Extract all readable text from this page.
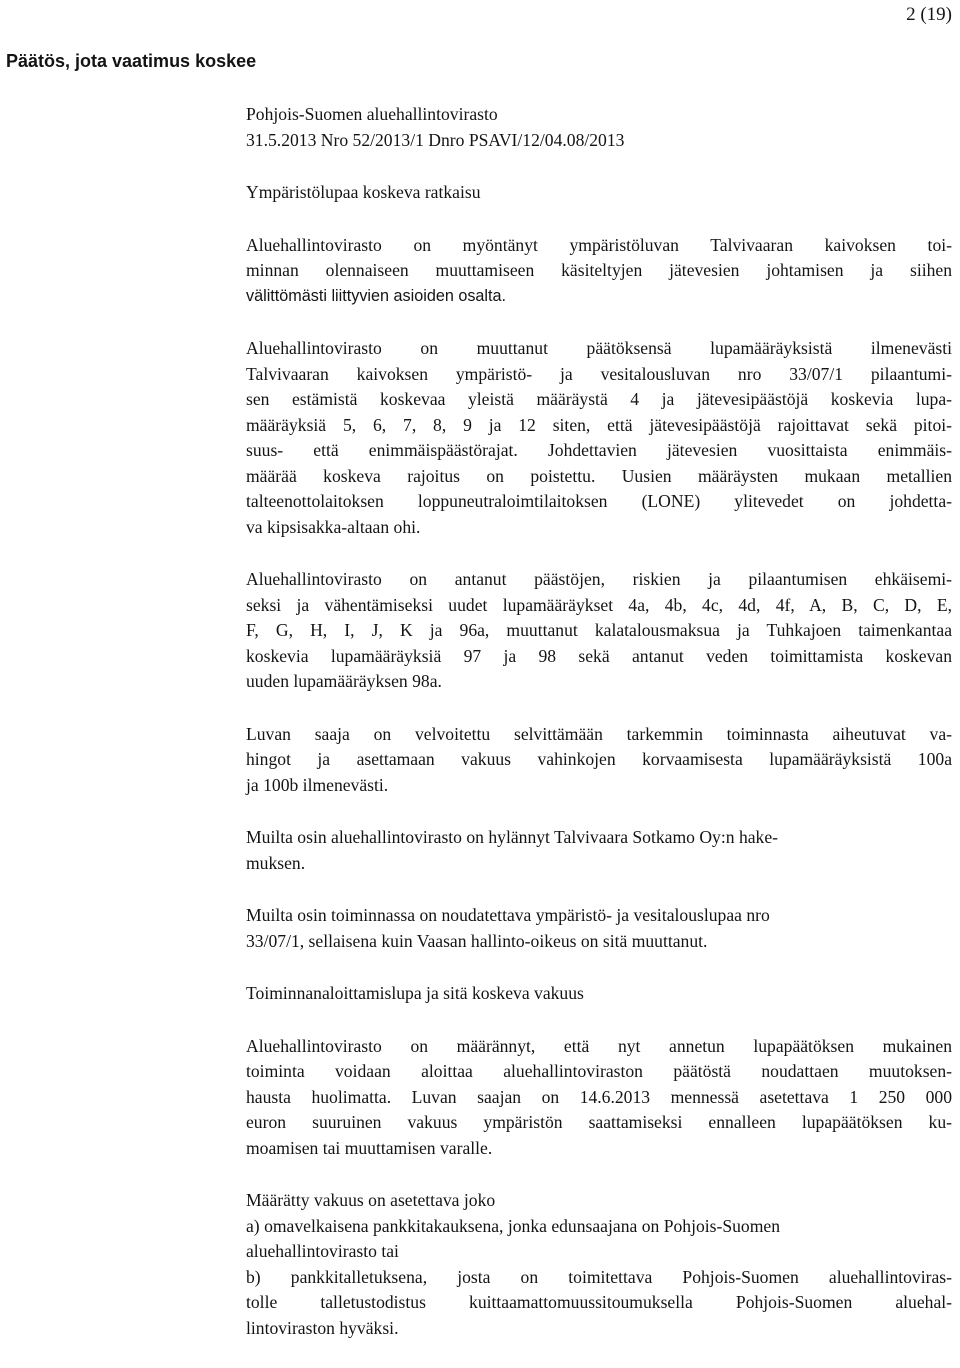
2 (19)
Päätös, jota vaatimus koskee
Pohjois-Suomen aluehallintovirasto
31.5.2013 Nro 52/2013/1 Dnro PSAVI/12/04.08/2013
Ympäristölupaa koskeva ratkaisu
Aluehallintovirasto on myöntänyt ympäristöluvan Talvivaaran kaivoksen toi-
minnan olennaiseen muuttamiseen käsiteltyjen jätevesien johtamisen ja siihen
välittömästi liittyvien asioiden osalta.
Aluehallintovirasto on muuttanut päätöksensä lupamääräyksistä ilmenevästi
Talvivaaran kaivoksen ympäristö- ja vesitalousluvan nro 33/07/1 pilaantumi-
sen estämistä koskevaa yleistä määräystä 4 ja jätevesipäästöjä koskevia lupa-
määräyksiä 5, 6, 7, 8, 9 ja 12 siten, että jätevesipäästöjä rajoittavat sekä pitoi-
suus- että enimmäispäästörajat. Johdettavien jätevesien vuosittaista enimmäis-
määrää koskeva rajoitus on poistettu. Uusien määräysten mukaan metallien
talteenottolaitoksen loppuneutraloimtilaitoksen (LONE) ylitevedet on johdetta-
va kipsisakka-altaan ohi.
Aluehallintovirasto on antanut päästöjen, riskien ja pilaantumisen ehkäisemi-
seksi ja vähentämiseksi uudet lupamääräykset 4a, 4b, 4c, 4d, 4f, A, B, C, D, E,
F, G, H, I, J, K ja 96a, muuttanut kalatalousmaksua ja Tuhkajoen taimenkantaa
koskevia lupamääräyksiä 97 ja 98 sekä antanut veden toimittamista koskevan
uuden lupamääräyksen 98a.
Luvan saaja on velvoitettu selvittämään tarkemmin toiminnasta aiheutuvat va-
hingot ja asettamaan vakuus vahinkojen korvaamisesta lupamääräyksistä 100a
ja 100b ilmenevästi.
Muilta osin aluehallintovirasto on hylännyt Talvivaara Sotkamo Oy:n hake-
muksen.
Muilta osin toiminnassa on noudatettava ympäristö- ja vesitalouslupaa nro
33/07/1, sellaisena kuin Vaasan hallinto-oikeus on sitä muuttanut.
Toiminnanaloittamislupa ja sitä koskeva vakuus
Aluehallintovirasto on määrännyt, että nyt annetun lupapäätöksen mukainen
toiminta voidaan aloittaa aluehallintoviraston päätöstä noudattaen muutoksen-
hausta huolimatta. Luvan saajan on 14.6.2013 mennessä asetettava 1 250 000
euron suuruinen vakuus ympäristön saattamiseksi ennalleen lupapäätöksen ku-
moamisen tai muuttamisen varalle.
Määrätty vakuus on asetettava joko
a) omavelkaisena pankkitakauksena, jonka edunsaajana on Pohjois-Suomen
aluehallintovirasto tai
b) pankkitalletuksena, josta on toimitettava Pohjois-Suomen aluehallintoviras-
tolle talletustodistus kuittaamattomuussitoumuksella Pohjois-Suomen aluehal-
lintoviraston hyväksi.
